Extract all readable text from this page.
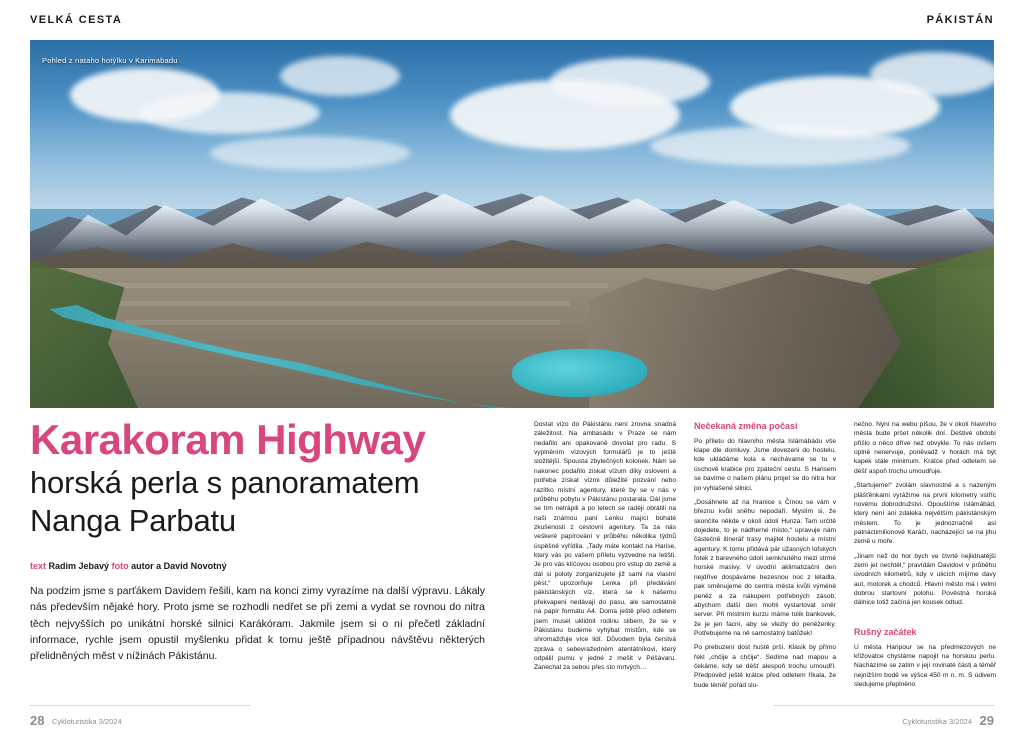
VELKÁ CESTA	PÁKISTÁN
Pohled z nataho hotýlku v Karimabadu
Karakoram Highway
horská perla s panoramatem
Nanga Parbatu
text Radim Jebavý foto autor a David Novotný

Na podzim jsme s parťákem Davidem řešili, kam na konci zimy vyrazíme na další výpravu. Lákaly nás především nějaké hory. Proto jsme se rozhodli nedřet se při zemi a vydat se rovnou do nitra těch nejvyšších po unikátní horské silnici Karákóram. Jakmile jsem si o ní přečetl základní informace, rychle jsem opustil myšlenku přidat k tomu ještě případnou návštěvu některých přelidněných měst v nížinách Pákistánu.

Dostat vízo do Pákistánu není zrovna snadná záležitost. Na ambasádu v Praze se nám nedařilo ani opakovaně dovolat pro radu. S vyplněním vízových formulářů je to ještě složitější. Spousta zbytečných kolonek. Nám se nakonec podařilo získat vízum díky oslovení a potřeba získat vízmi důležité pozvání nebo razítko místní agentury, které by se v nás v průběhu pobytu v Pákistánu postarala. Dál jsme se tím netrápili a po letech se raději obrátili na naši známou paní Lenku mající bohaté zkušenosti z cestovní agentury. Ta za nás veškeré papírování v průběhu několika týdnů úspěšně vyřídila. „Tady máte kontakt na Harise, který vás po vašem příletu vyzvedne na letišti. Je pro vás klíčovou osobou pro vstup do země a dál si poloty zorganizujete již sami na vlastní pěst,“ upozorňuje Lenka při předávání pákistánských víz, která se k našemu překvapení nedávají do pasu, ale samostatně na papír formátu A4. Doma ještě před odletem jsem musel uklidnit rodinu slibem, že se v Pákistánu budeme vyhýbat místům, kde se shromažďuje více lidí. Důvodem byla čerstvá zpráva o sebevražedném atentátníkovi, který odpálil pumu v jedné z mešit v Péšávaru. Zanechal za sebou přes sto mrtvých…

Nečekaná změna počasí

Po příletu do hlavního města Islámábádu vše klape dle domluvy. Jsme dovezeni do hostelu, kde ukládáme kola a nechávame se tu v úschově krabice pro zpáteční cestu. S Harisem se bavíme o našem plánu projet se do nitra hor po vyhlašené silnici.

„Dosáhnete až na hranice s Čínou se vám v březnu kvůli sněhu nepodaří. Myslím si, že skončíte někde v okolí údolí Hunza. Tam určitě dojedete, to je nádherné místo,“ upravuje nám částečně itinerář trasy majitel hostelu a místní agentury. K tomu přidává pár úžasných lofských fotek z barevného údolí semknutého mezi strmé horské masivy. V úvodní aklimatizační den nejdříve dospáváme bezesnou noc z letadla, pak směnujeme do centra města kvůli výměně peněz a za nákupem potřebných zásob, abychom další den mohli vystartovat směr server. Při místním kurzu máme tolik bankovek, že je jen facní, aby se vlezly do peněženky. Potřebujeme na ně samostatný batůžek!

Po prebuzení dost hustě prší. Klasik by přímo řekl „chčije a chčije“. Sedíme nad mapou a čekáme, kdy se déšť alespoň trochu umoudří. Předpověď ještě krátce před odletem říkala, že bude téměř pořád slu-

nečno. Nyní na webu píšou, že v okolí hlavního města bude pršet několik dní. Deštivé období přišlo o něco dříve než obvykle. To nás ovšem úplně nenervuje, poněvadž v horách má být kapek stále minimum. Krátce před odletem se déšť aspoň trochu umoudřuje.

„Startujeme!“ zvolám slavnostně a s nazeným plášťěnkami vyrážíme na první kilometry vstříc novému dobrodružství. Opouštíme Islámábád, který není ani zdaleka největším pákistánským městem. To je jednoznačně asi patnáctimilionové Karáčí, nacházející se na jihu země u moře.

„Jinam než do hor bych ve čtvrté nejlidnatější zemi jet nechtěl,“ pravídám Davidovi v průběhu úvodních kilometrů, kdy v ulicích míjíme davy aut, motorek a chodců. Hlavní město má i velmi dobrou startovní polohu. Pověstná horská dálnice totiž začíná jen kousek odtud.

Rušný začátek

U města Haripour se na předmezových ne křižovatce chystáme napojit na horskou perlu. Nacházíme se zatím v její rovinaté části a téměř nejnižším bodě ve výšce 450 m n. m. S údivem sledujeme přeplněno

28	29
Cykloturistika 3/2024	Cykloturistika 3/2024
